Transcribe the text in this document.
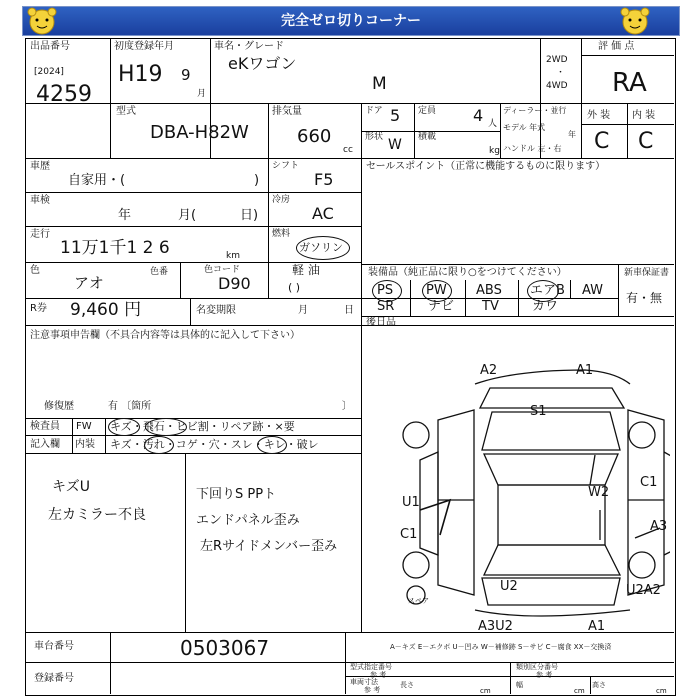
完全ゼロ切りコーナー
出品番号
[2024]
4259
初度登録年月
H19 9
月
車名・グレード
eKワゴン
M
2WD
・
4WD
評 価 点
RA
外 装 内 装
C C
型式
DBA-H82W
排気量
660
cc
ドア 5
形状 W
定員 4 人
積載
kg
ディーラー・並行
モデル 年式
年
ハンドル 左・右
車歴
自家用・(	)
シフト
F5
車検
年	月(	日)
冷房
AC
走行
11万1千1 2 6	km
燃料
ガソリン
軽 油
( )
色
アオ
色番	色コード
D90
R券 9,460 円	名変期限	月	日
セールスポイント（正常に機能するものに限ります）
装備品（純正品に限り○をつけてください）
PS	PW ABS エアB AW
SR	ナビ TV	カワ
新車保証書
有・無
後日品
注意事項申告欄（不具合内容等は具体的に記入して下さい）
修復歴	有 〔箇所	〕
検査員 FW キズ・飛石・ヒビ割・リペア跡・×要
記入欄 内装 キズ・汚れ・コゲ・穴・スレ・キレ・破レ
キズU
左カミラー不良
下回りS PPト
エンドパネル歪み
左Rサイドメンバー歪み
A2	A1
S1
U1
C1
W2
C1
A3
U2A2
U2
A3U2	A1
スペア
A－キズ E－エクボ U－凹み W－補修跡 S－サビ C－腐食 XX－交換済
車台番号	0503067
登録番号
型式指定番号
参 考
類別区分番号
参 考
車両寸法
参 考
長さ
cm
幅
cm
高さ
cm
